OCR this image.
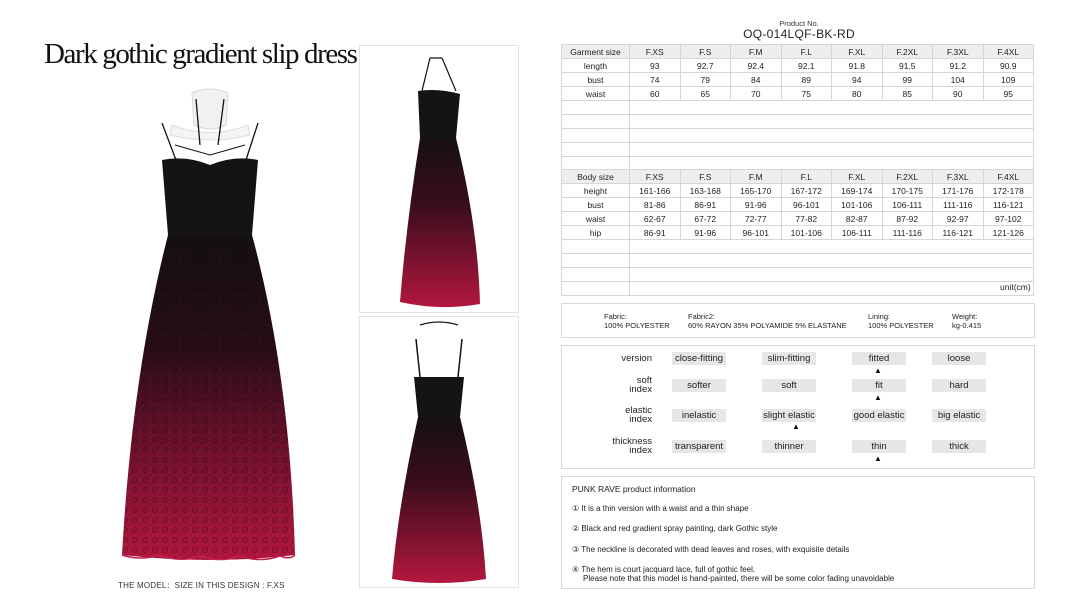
Dark gothic gradient slip dress
THE MODEL：SIZE IN THIS DESIGN : F.XS
Product No.
OQ-014LQF-BK-RD
Garment size	F.XS	F.S	F.M	F.L	F.XL	F.2XL	F.3XL	F.4XL
length	93	92.7	92.4	92.1	91.8	91.5	91.2	90.9
bust	74	79	84	89	94	99	104	109
waist	60	65	70	75	80	85	90	95

Body size	F.XS	F.S	F.M	F.L	F.XL	F.2XL	F.3XL	F.4XL
height	161-166	163-168	165-170	167-172	169-174	170-175	171-176	172-178
bust	81-86	86-91	91-96	96-101	101-106	106-111	111-116	116-121
waist	62-67	67-72	72-77	77-82	82-87	87-92	92-97	97-102
hip	86-91	91-96	96-101	101-106	106-111	111-116	116-121	121-126

unit(cm)
Fabric:
100% POLYESTER
Fabric2:
60% RAYON 35% POLYAMIDE 5% ELASTANE
Lining:
100% POLYESTER
Weight:
kg-0.415
version	close-fitting	slim-fitting	fitted	loose
▲
soft
index	softer	soft	fit	hard
▲
elastic
index	inelastic	slight elastic	good elastic	big elastic
▲
thickness
index	transparent	thinner	thin	thick
▲
PUNK RAVE product information
① It is a thin version with a waist and a thin shape
② Black and red gradient spray painting, dark Gothic style
③ The neckline is decorated with dead leaves and roses, with exquisite details
④ The hem is court jacquard lace, full of gothic feel.
Please note that this model is hand-painted, there will be some color fading unavoidable
